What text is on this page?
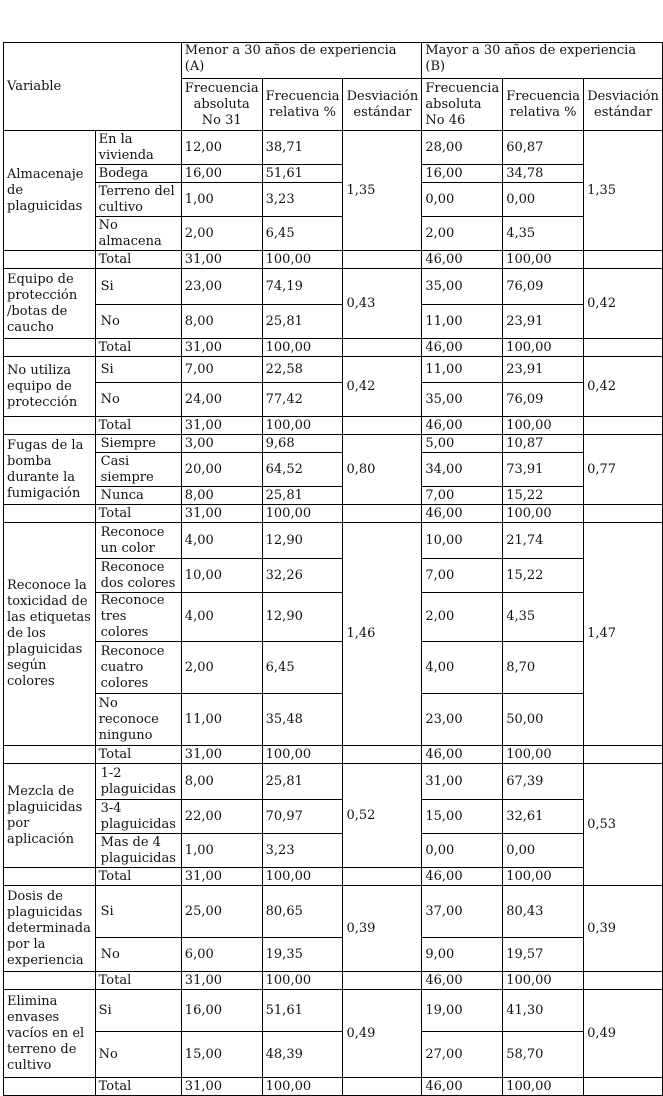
Variable		Menor a 30 años de experiencia (A)			Mayor a 30 años de experiencia (B)		
		Frecuencia absoluta No 31	Frecuencia relativa %	Desviación estándar	Frecuencia absoluta No 46	Frecuencia relativa %	Desviación estándar
Almacenaje de plaguicidas	En la vivienda	12,00	38,71	1,35	28,00	60,87	1,35
	Bodega	16,00	51,61		16,00	34,78	
	Terreno del cultivo	1,00	3,23		0,00	0,00	
	No almacena	2,00	6,45		2,00	4,35	
	Total	31,00	100,00		46,00	100,00	
Equipo de protección /botas de caucho	Si	23,00	74,19	0,43	35,00	76,09	0,42
	No	8,00	25,81		11,00	23,91	
	Total	31,00	100,00		46,00	100,00	
No utiliza equipo de protección	Si	7,00	22,58	0,42	11,00	23,91	0,42
	No	24,00	77,42		35,00	76,09	
	Total	31,00	100,00		46,00	100,00	
Fugas de la bomba durante la fumigación	Siempre	3,00	9,68	0,80	5,00	10,87	0,77
	Casi siempre	20,00	64,52		34,00	73,91	
	Nunca	8,00	25,81		7,00	15,22	
	Total	31,00	100,00		46,00	100,00	
Reconoce la toxicidad de las etiquetas de los plaguicidas según colores	Reconoce un color	4,00	12,90	1,46	10,00	21,74	1,47
	Reconoce dos colores	10,00	32,26		7,00	15,22	
	Reconoce tres colores	4,00	12,90		2,00	4,35	
	Reconoce cuatro colores	2,00	6,45		4,00	8,70	
	No reconoce ninguno	11,00	35,48		23,00	50,00	
	Total	31,00	100,00		46,00	100,00	
Mezcla de plaguicidas por aplicación	1-2 plaguicidas	8,00	25,81	0,52	31,00	67,39	0,53
	3-4 plaguicidas	22,00	70,97		15,00	32,61	
	Mas de 4 plaguicidas	1,00	3,23		0,00	0,00	
	Total	31,00	100,00		46,00	100,00	
Dosis de plaguicidas determinada por la experiencia	Si	25,00	80,65	0,39	37,00	80,43	0,39
	No	6,00	19,35		9,00	19,57	
	Total	31,00	100,00		46,00	100,00	
Elimina envases vacíos en el terreno de cultivo	Si	16,00	51,61	0,49	19,00	41,30	0,49
	No	15,00	48,39		27,00	58,70	
	Total	31,00	100,00		46,00	100,00	
